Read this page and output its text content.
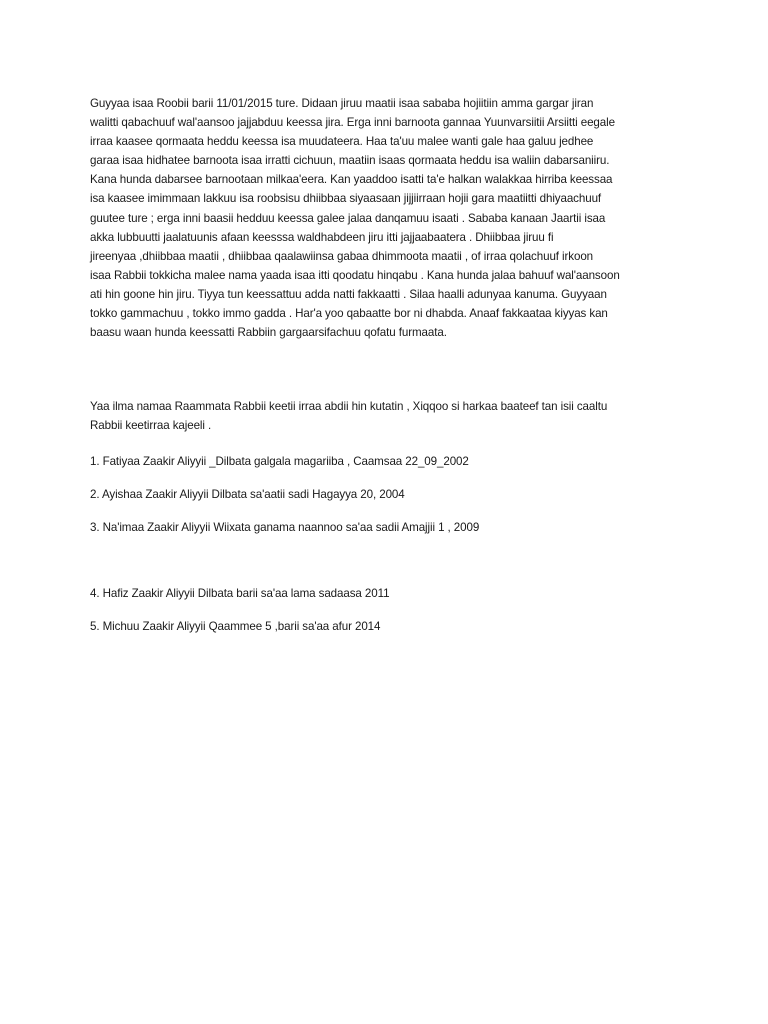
Guyyaa isaa Roobii barii 11/01/2015 ture. Didaan jiruu maatii isaa sababa hojiitiin amma gargar jiran
walitti qabachuuf wal'aansoo jajjabduu keessa jira. Erga inni barnoota gannaa Yuunvarsiitii Arsiitti eegale
irraa kaasee qormaata heddu keessa isa muudateera. Haa ta'uu malee wanti gale haa galuu jedhee
garaa isaa hidhatee barnoota isaa irratti cichuun, maatiin isaas qormaata heddu isa waliin dabarsaniiru.
Kana hunda dabarsee barnootaan milkaa'eera. Kan yaaddoo isatti ta'e halkan walakkaa hirriba keessaa
isa kaasee imimmaan lakkuu isa roobsisu dhiibbaa siyaasaan jijjiirraan hojii gara maatiitti dhiyaachuuf
guutee ture ; erga inni baasii hedduu keessa galee jalaa danqamuu isaati . Sababa kanaan Jaartii isaa
akka lubbuutti jaalatuunis afaan keesssa waldhabdeen jiru itti jajjaabaatera . Dhiibbaa jiruu fi
jireenyaa ,dhiibbaa maatii , dhiibbaa qaalawiinsa gabaa dhimmoota maatii , of irraa qolachuuf irkoon
isaa Rabbii tokkicha malee nama yaada isaa itti qoodatu hinqabu . Kana hunda jalaa bahuuf wal'aansoon
ati hin goone hin jiru. Tiyya tun keessattuu adda natti fakkaatti . Silaa haalli adunyaa kanuma. Guyyaan
tokko gammachuu , tokko immo gadda . Har'a yoo qabaatte bor ni dhabda. Anaaf fakkaataa kiyyas kan
baasu waan hunda keessatti Rabbiin gargaarsifachuu qofatu furmaata.
Yaa ilma namaa Raammata Rabbii keetii irraa abdii hin kutatin , Xiqqoo si harkaa baateef tan isii caaltu
Rabbii keetirraa kajeeli .
1. Fatiyaa Zaakir Aliyyii _Dilbata galgala magariiba , Caamsaa 22_09_2002
2. Ayishaa Zaakir Aliyyii Dilbata sa'aatii sadi Hagayya 20, 2004
3. Na'imaa Zaakir Aliyyii Wiixata ganama naannoo sa'aa sadii Amajjii 1 , 2009
4. Hafiz Zaakir Aliyyii Dilbata barii sa'aa lama sadaasa 2011
5. Michuu Zaakir Aliyyii Qaammee 5 ,barii sa'aa afur 2014
